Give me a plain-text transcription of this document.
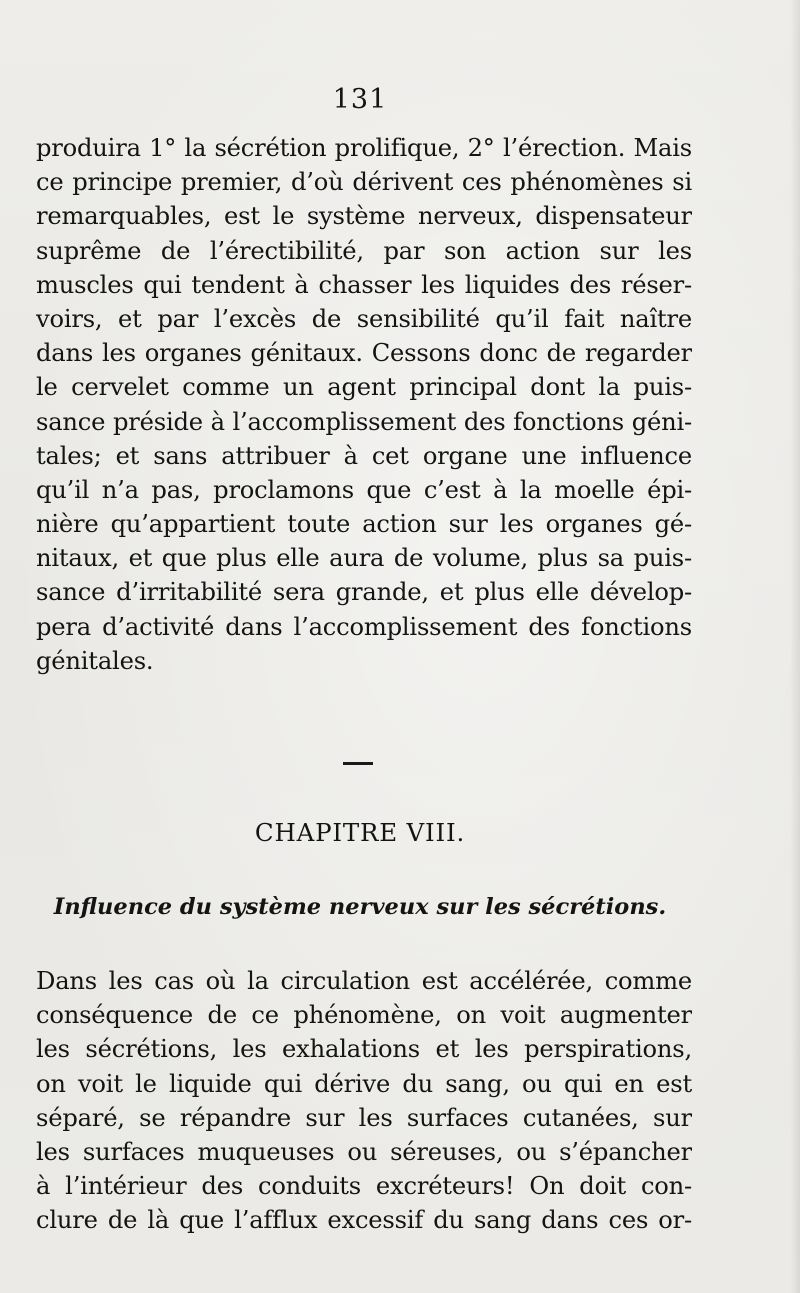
131
produira 1° la sécrétion prolifique, 2° l’érection. Mais
ce principe premier, d’où dérivent ces phénomènes si
remarquables, est le système nerveux, dispensateur
suprême de l’érectibilité, par son action sur les
muscles qui tendent à chasser les liquides des réser-
voirs, et par l’excès de sensibilité qu’il fait naître
dans les organes génitaux. Cessons donc de regarder
le cervelet comme un agent principal dont la puis-
sance préside à l’accomplissement des fonctions géni-
tales; et sans attribuer à cet organe une influence
qu’il n’a pas, proclamons que c’est à la moelle épi-
nière qu’appartient toute action sur les organes gé-
nitaux, et que plus elle aura de volume, plus sa puis-
sance d’irritabilité sera grande, et plus elle dévelop-
pera d’activité dans l’accomplissement des fonctions
génitales.
CHAPITRE VIII.
Influence du système nerveux sur les sécrétions.
Dans les cas où la circulation est accélérée, comme
conséquence de ce phénomène, on voit augmenter
les sécrétions, les exhalations et les perspirations,
on voit le liquide qui dérive du sang, ou qui en est
séparé, se répandre sur les surfaces cutanées, sur
les surfaces muqueuses ou séreuses, ou s’épancher
à l’intérieur des conduits excréteurs! On doit con-
clure de là que l’afflux excessif du sang dans ces or-
